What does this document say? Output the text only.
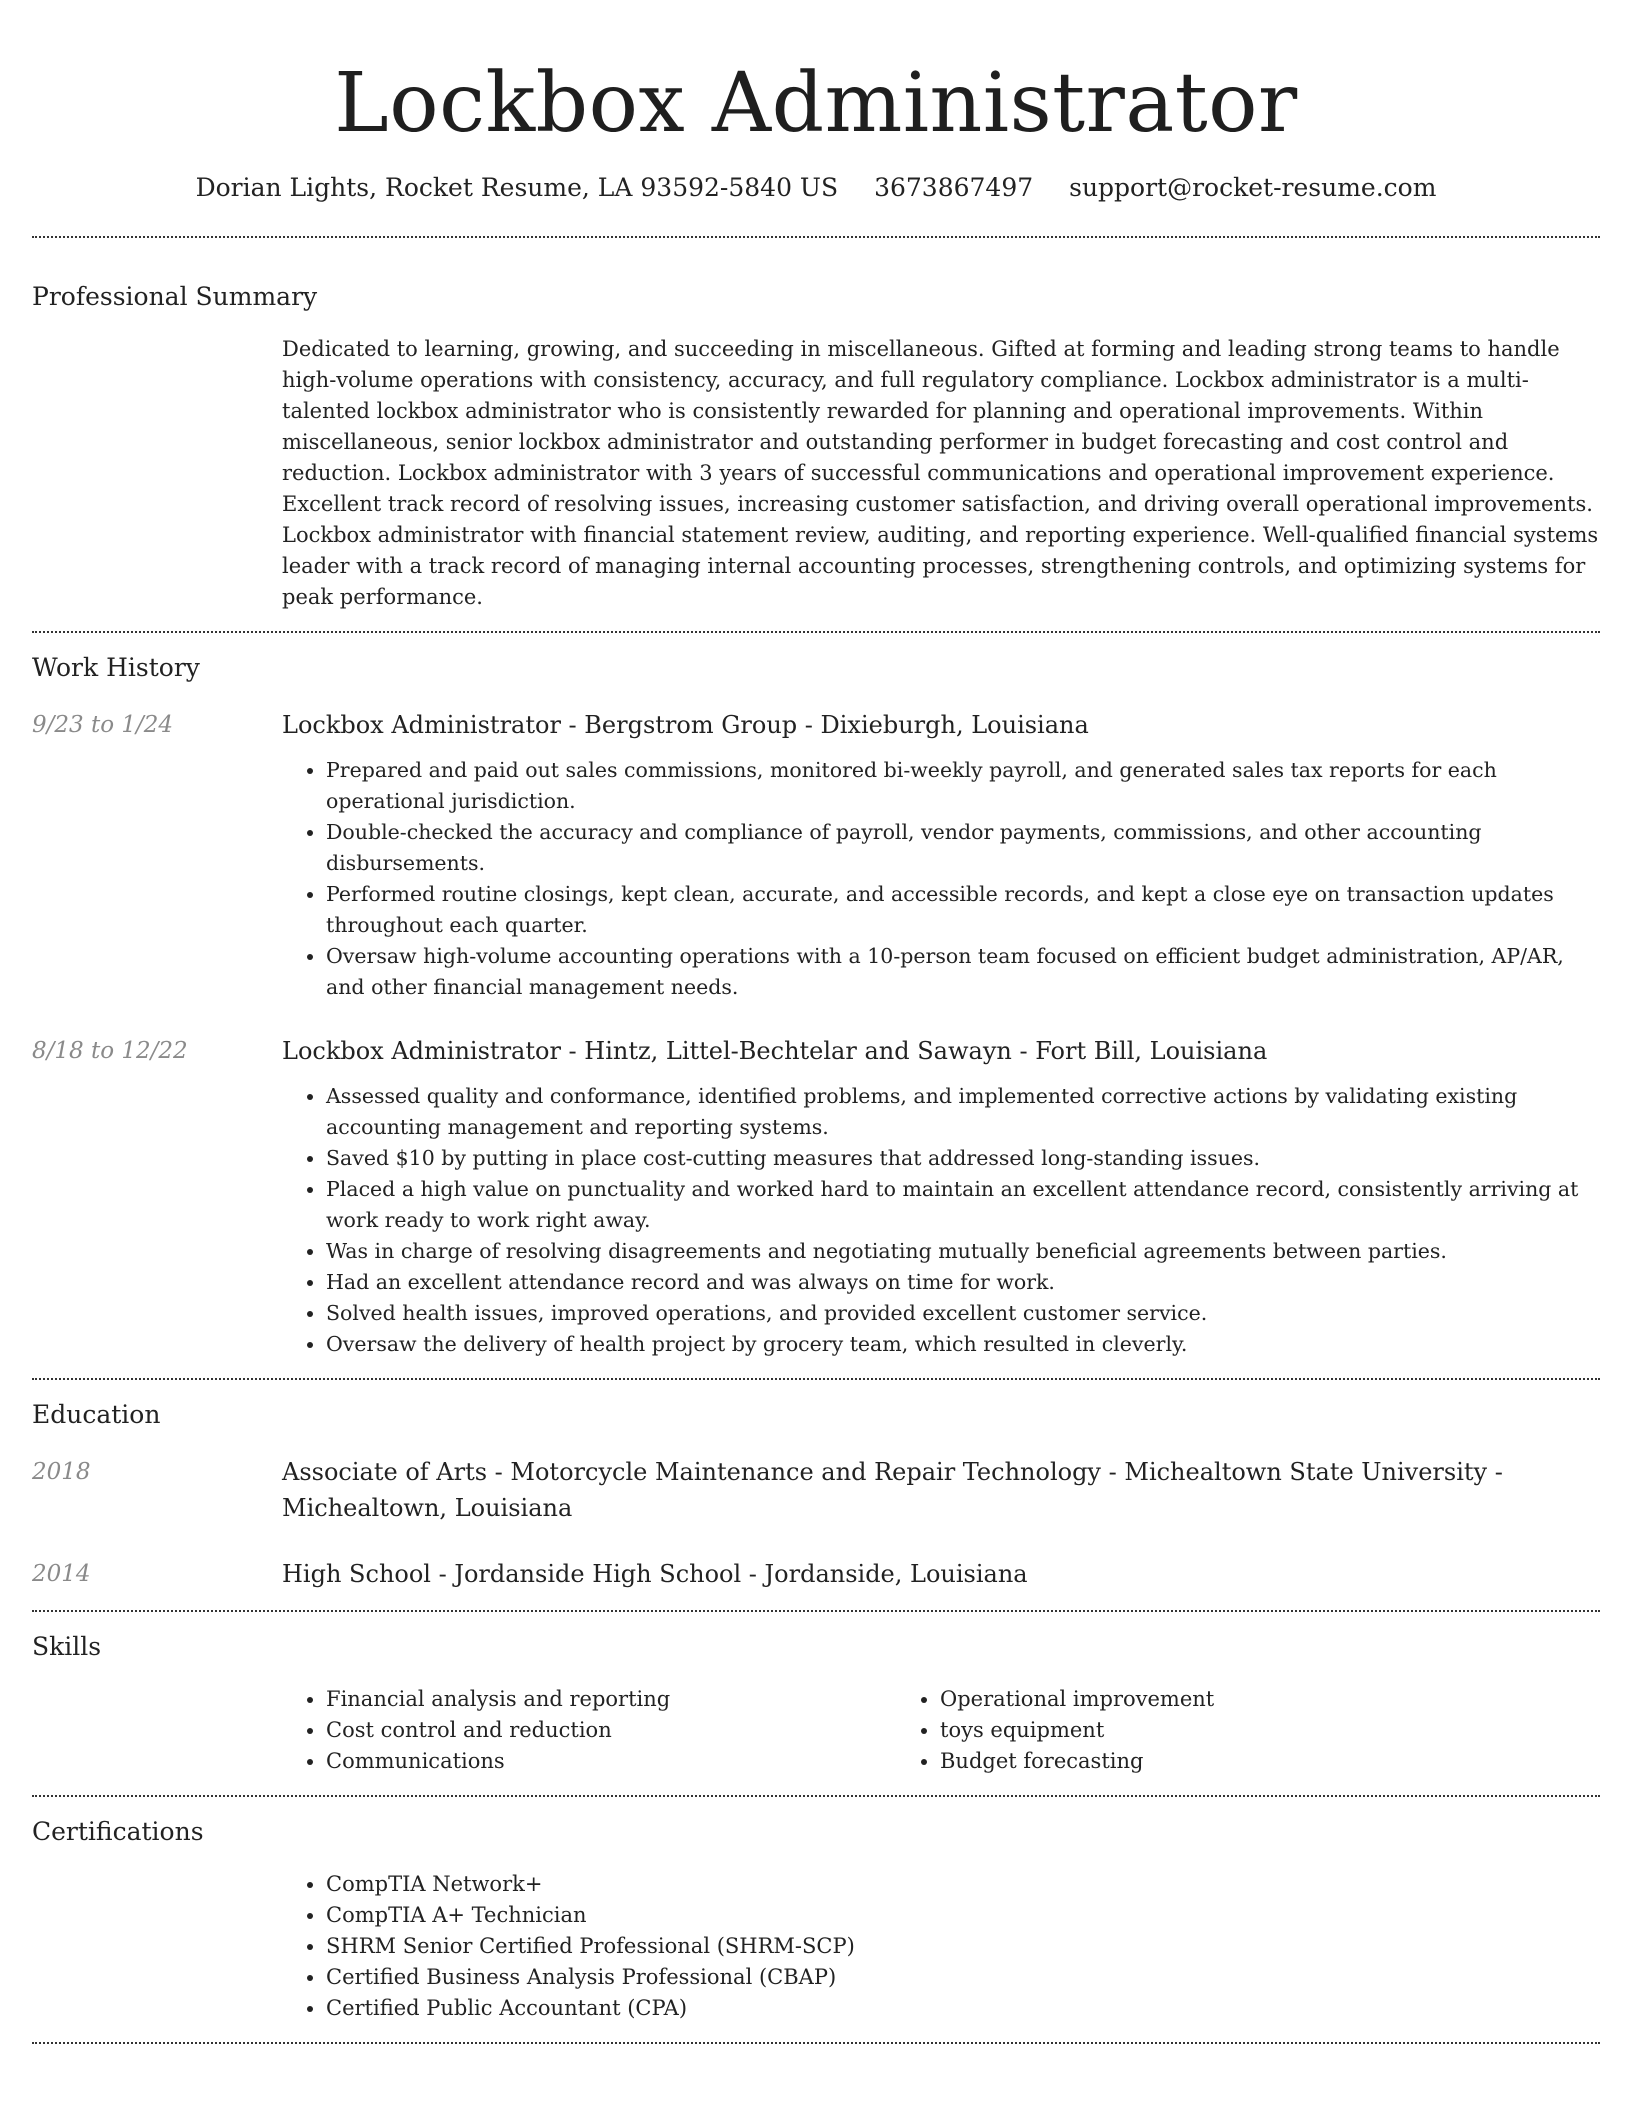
Lockbox Administrator
Dorian Lights, Rocket Resume, LA 93592-5840 US 3673867497 support@rocket-resume.com
Professional Summary
Dedicated to learning, growing, and succeeding in miscellaneous. Gifted at forming and leading strong teams to handle high-volume operations with consistency, accuracy, and full regulatory compliance. Lockbox administrator is a multi-talented lockbox administrator who is consistently rewarded for planning and operational improvements. Within miscellaneous, senior lockbox administrator and outstanding performer in budget forecasting and cost control and reduction. Lockbox administrator with 3 years of successful communications and operational improvement experience. Excellent track record of resolving issues, increasing customer satisfaction, and driving overall operational improvements. Lockbox administrator with financial statement review, auditing, and reporting experience. Well-qualified financial systems leader with a track record of managing internal accounting processes, strengthening controls, and optimizing systems for peak performance.
Work History
9/23 to 1/24	Lockbox Administrator - Bergstrom Group - Dixieburgh, Louisiana
• Prepared and paid out sales commissions, monitored bi-weekly payroll, and generated sales tax reports for each operational jurisdiction.
• Double-checked the accuracy and compliance of payroll, vendor payments, commissions, and other accounting disbursements.
• Performed routine closings, kept clean, accurate, and accessible records, and kept a close eye on transaction updates throughout each quarter.
• Oversaw high-volume accounting operations with a 10-person team focused on efficient budget administration, AP/AR, and other financial management needs.
8/18 to 12/22	Lockbox Administrator - Hintz, Littel-Bechtelar and Sawayn - Fort Bill, Louisiana
• Assessed quality and conformance, identified problems, and implemented corrective actions by validating existing accounting management and reporting systems.
• Saved $10 by putting in place cost-cutting measures that addressed long-standing issues.
• Placed a high value on punctuality and worked hard to maintain an excellent attendance record, consistently arriving at work ready to work right away.
• Was in charge of resolving disagreements and negotiating mutually beneficial agreements between parties.
• Had an excellent attendance record and was always on time for work.
• Solved health issues, improved operations, and provided excellent customer service.
• Oversaw the delivery of health project by grocery team, which resulted in cleverly.
Education
2018	Associate of Arts - Motorcycle Maintenance and Repair Technology - Michealtown State University - Michealtown, Louisiana
2014	High School - Jordanside High School - Jordanside, Louisiana
Skills
• Financial analysis and reporting
• Cost control and reduction
• Communications
• Operational improvement
• toys equipment
• Budget forecasting
Certifications
• CompTIA Network+
• CompTIA A+ Technician
• SHRM Senior Certified Professional (SHRM-SCP)
• Certified Business Analysis Professional (CBAP)
• Certified Public Accountant (CPA)
